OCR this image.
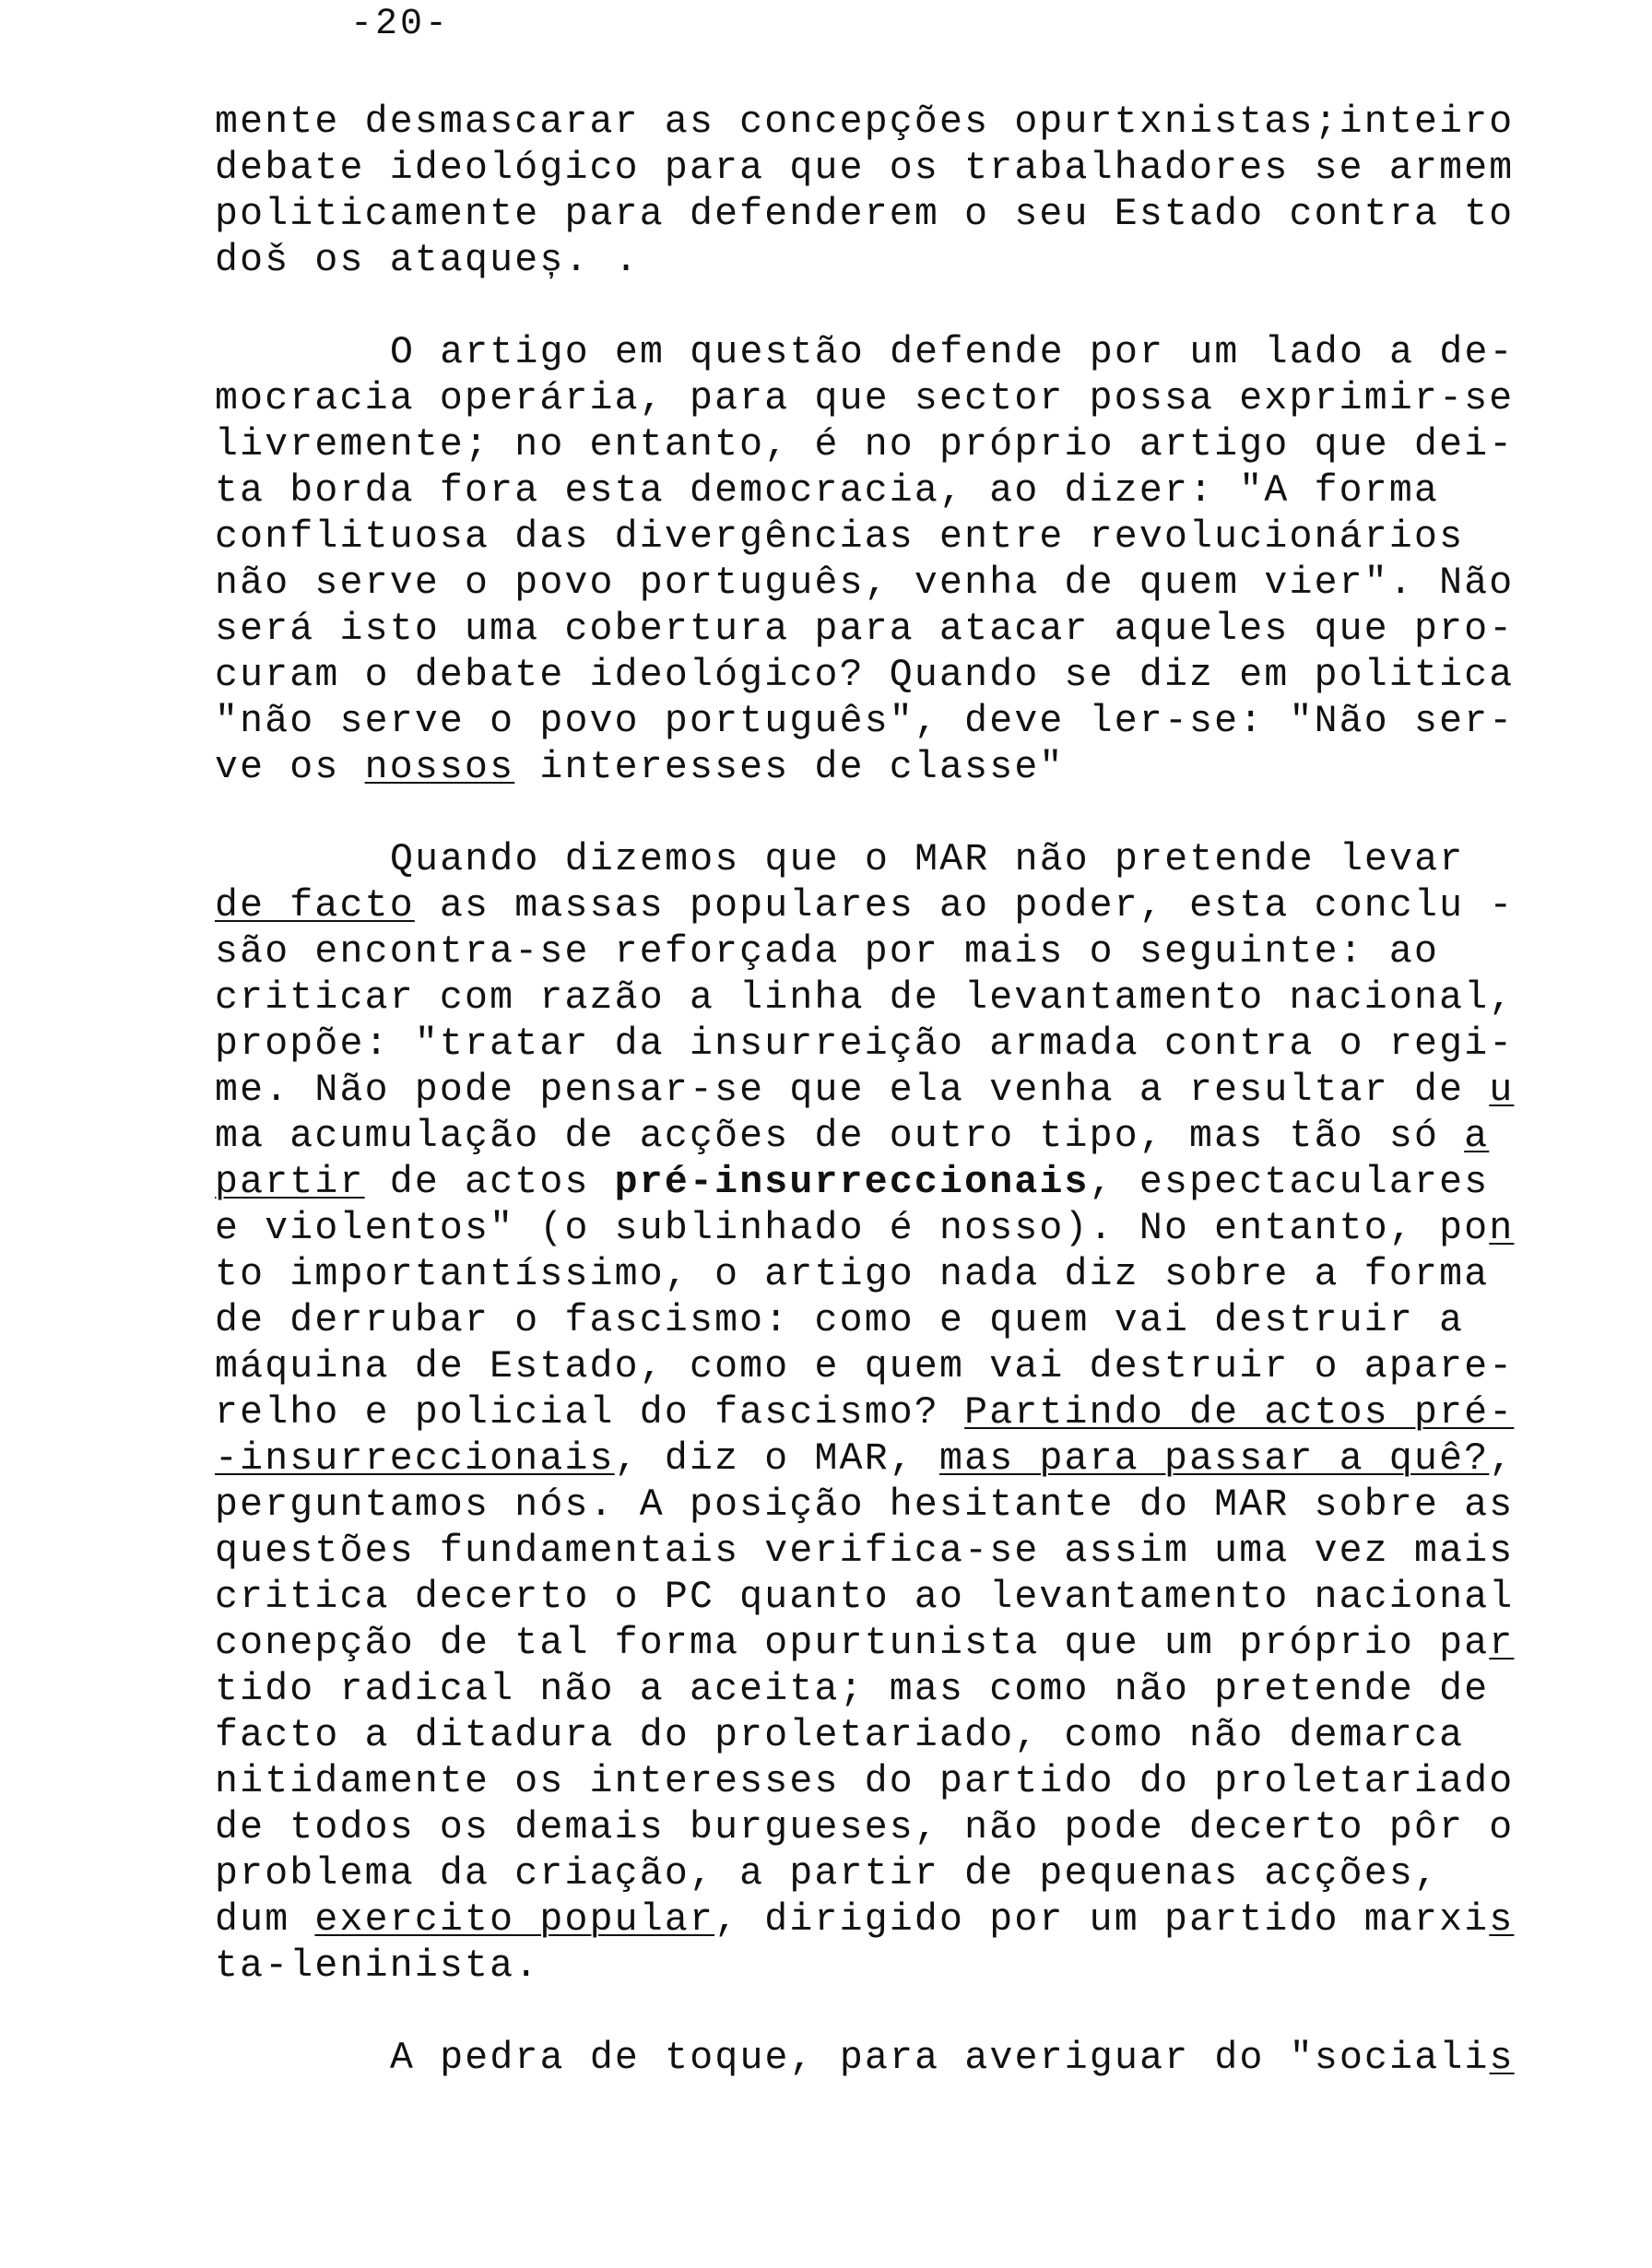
-20-
mente desmascarar as concepções opurtxnistas;inteiro
debate ideológico para que os trabalhadores se armem
politicamente para defenderem o seu Estado contra to
doš os ataqueș. .
O artigo em questão defende por um lado a de-
mocracia operária, para que sector possa exprimir-se
livremente; no entanto, é no próprio artigo que dei-
ta borda fora esta democracia, ao dizer: "A forma
conflituosa das divergências entre revolucionários
não serve o povo português, venha de quem vier". Não
será isto uma cobertura para atacar aqueles que pro-
curam o debate ideológico? Quando se diz em politica
"não serve o povo português", deve ler-se: "Não ser-
ve os nossos interesses de classe"
Quando dizemos que o MAR não pretende levar
de facto as massas populares ao poder, esta conclu -
são encontra-se reforçada por mais o seguinte: ao
criticar com razão a linha de levantamento nacional,
propõe: "tratar da insurreição armada contra o regi-
me. Não pode pensar-se que ela venha a resultar de u
ma acumulação de acções de outro tipo, mas tão só a
partir de actos pré-insurreccionais, espectaculares
e violentos" (o sublinhado é nosso). No entanto, pon
to importantíssimo, o artigo nada diz sobre a forma
de derrubar o fascismo: como e quem vai destruir a
máquina de Estado, como e quem vai destruir o apare-
relho e policial do fascismo? Partindo de actos pré-
-insurreccionais, diz o MAR, mas para passar a quê?,
perguntamos nós. A posição hesitante do MAR sobre as
questões fundamentais verifica-se assim uma vez mais
critica decerto o PC quanto ao levantamento nacional
conepção de tal forma opurtunista que um próprio par
tido radical não a aceita; mas como não pretende de
facto a ditadura do proletariado, como não demarca
nitidamente os interesses do partido do proletariado
de todos os demais burgueses, não pode decerto pôr o
problema da criação, a partir de pequenas acções,
dum exercito popular, dirigido por um partido marxis
ta-leninista.
A pedra de toque, para averiguar do "socialis
